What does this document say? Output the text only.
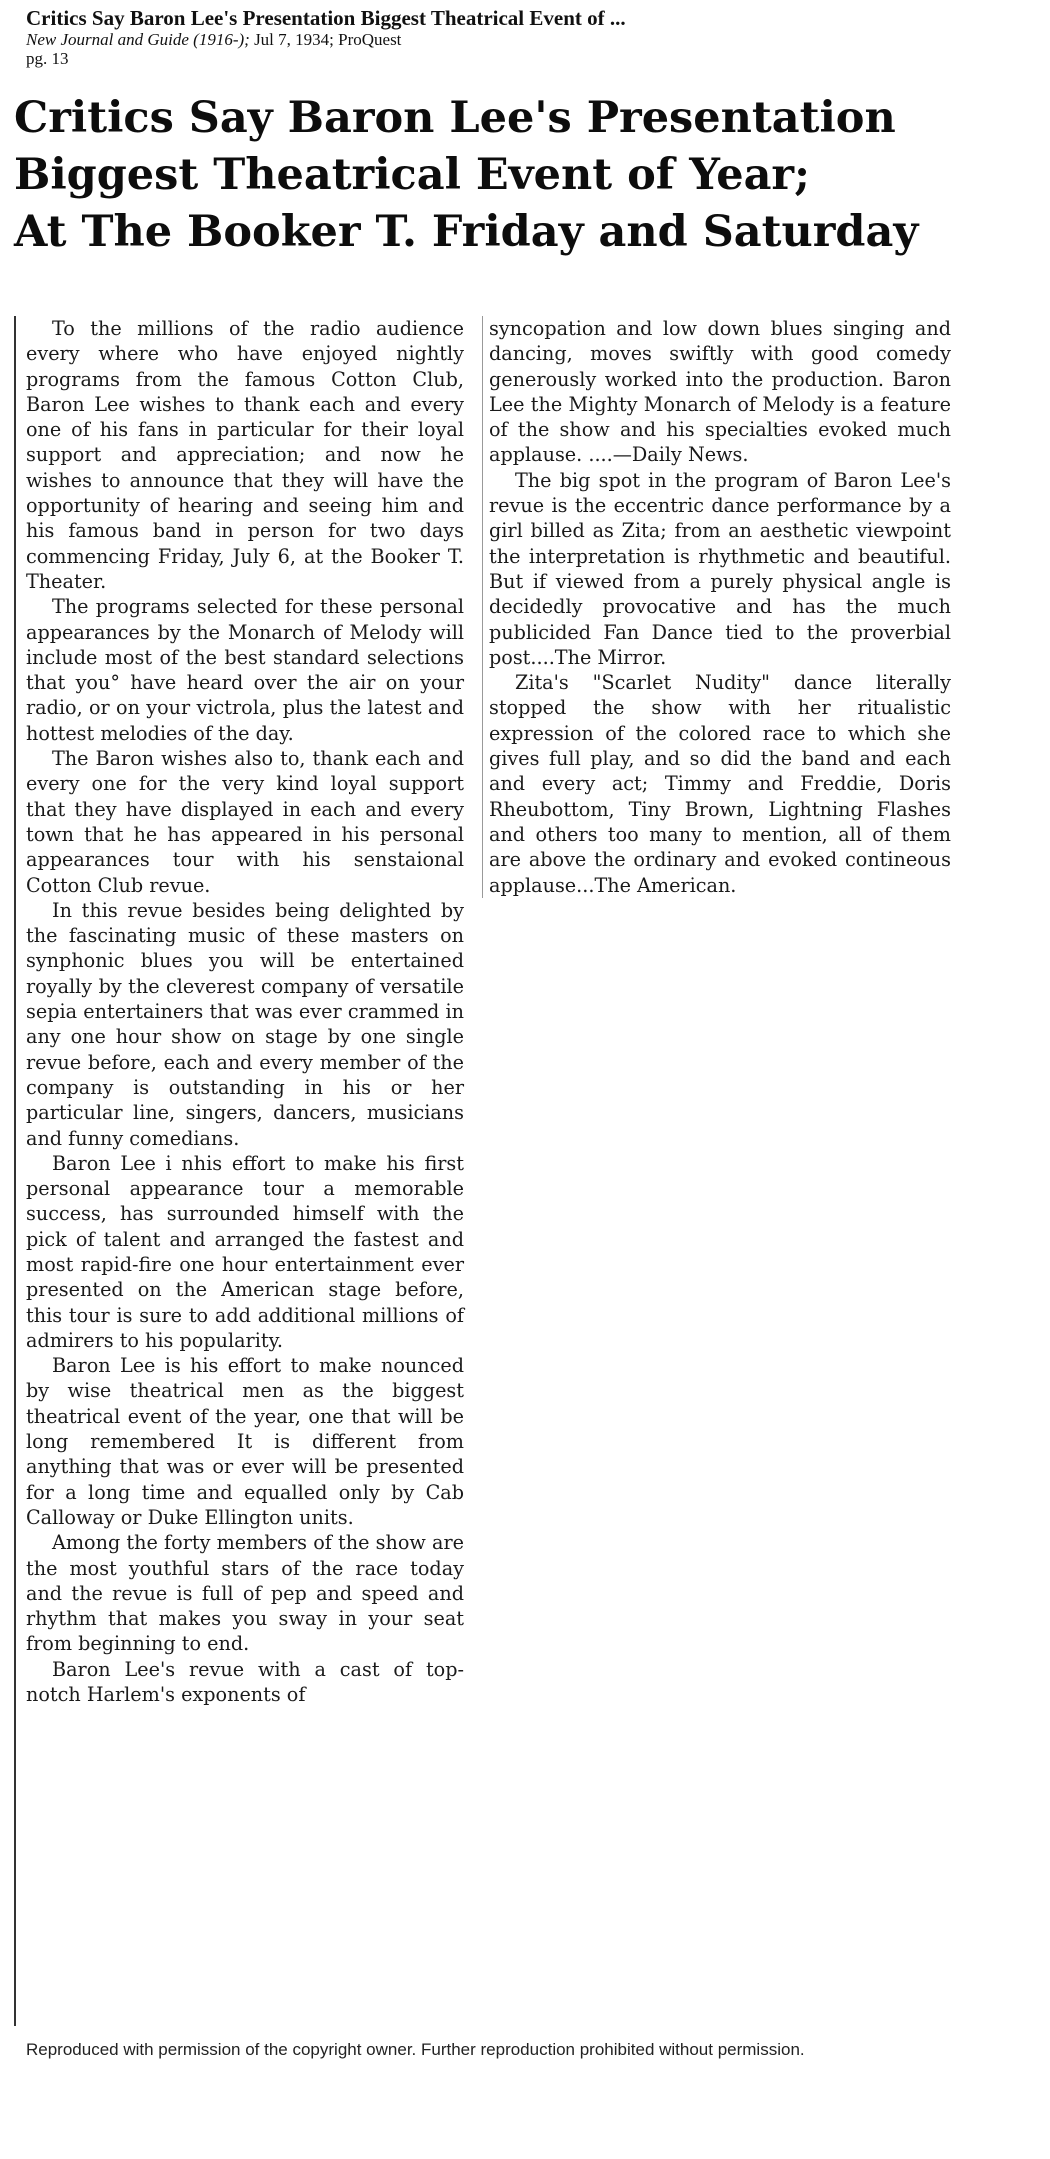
Critics Say Baron Lee's Presentation Biggest Theatrical Event of ...
New Journal and Guide (1916-); Jul 7, 1934; ProQuest
pg. 13
Critics Say Baron Lee's Presentation
Biggest Theatrical Event of Year;
At The Booker T. Friday and Saturday

To the millions of the radio audience every where who have enjoyed nightly programs from the famous Cotton Club, Baron Lee wishes to thank each and every one of his fans in particular for their loyal support and appreciation; and now he wishes to announce that they will have the opportunity of hearing and seeing him and his famous band in person for two days commencing Friday, July 6, at the Booker T. Theater.

The programs selected for these personal appearances by the Monarch of Melody will include most of the best standard selections that you° have heard over the air on your radio, or on your victrola, plus the latest and hottest melodies of the day.

The Baron wishes also to, thank each and every one for the very kind loyal support that they have displayed in each and every town that he has appeared in his personal appearances tour with his senstaional Cotton Club revue.

In this revue besides being delighted by the fascinating music of these masters on synphonic blues you will be entertained royally by the cleverest company of versatile sepia entertainers that was ever crammed in any one hour show on stage by one single revue before, each and every member of the company is outstanding in his or her particular line, singers, dancers, musicians and funny comedians.

Baron Lee i nhis effort to make his first personal appearance tour a memorable success, has surrounded himself with the pick of talent and arranged the fastest and most rapid-fire one hour entertainment ever presented on the American stage before, this tour is sure to add additional millions of admirers to his popularity.

Baron Lee is his effort to make nounced by wise theatrical men as the biggest theatrical event of the year, one that will be long remembered It is different from anything that was or ever will be presented for a long time and equalled only by Cab Calloway or Duke Ellington units.

Among the forty members of the show are the most youthful stars of the race today and the revue is full of pep and speed and rhythm that makes you sway in your seat from beginning to end.

Baron Lee's revue with a cast of top-notch Harlem's exponents of

syncopation and low down blues singing and dancing, moves swiftly with good comedy generously worked into the production. Baron Lee the Mighty Monarch of Melody is a feature of the show and his specialties evoked much applause. ....—Daily News.

The big spot in the program of Baron Lee's revue is the eccentric dance performance by a girl billed as Zita; from an aesthetic viewpoint the interpretation is rhythmetic and beautiful. But if viewed from a purely physical angle is decidedly provocative and has the much publicided Fan Dance tied to the proverbial post....The Mirror.

Zita's "Scarlet Nudity" dance literally stopped the show with her ritualistic expression of the colored race to which she gives full play, and so did the band and each and every act; Timmy and Freddie, Doris Rheubottom, Tiny Brown, Lightning Flashes and others too many to mention, all of them are above the ordinary and evoked contineous applause...The American.

Reproduced with permission of the copyright owner. Further reproduction prohibited without permission.
